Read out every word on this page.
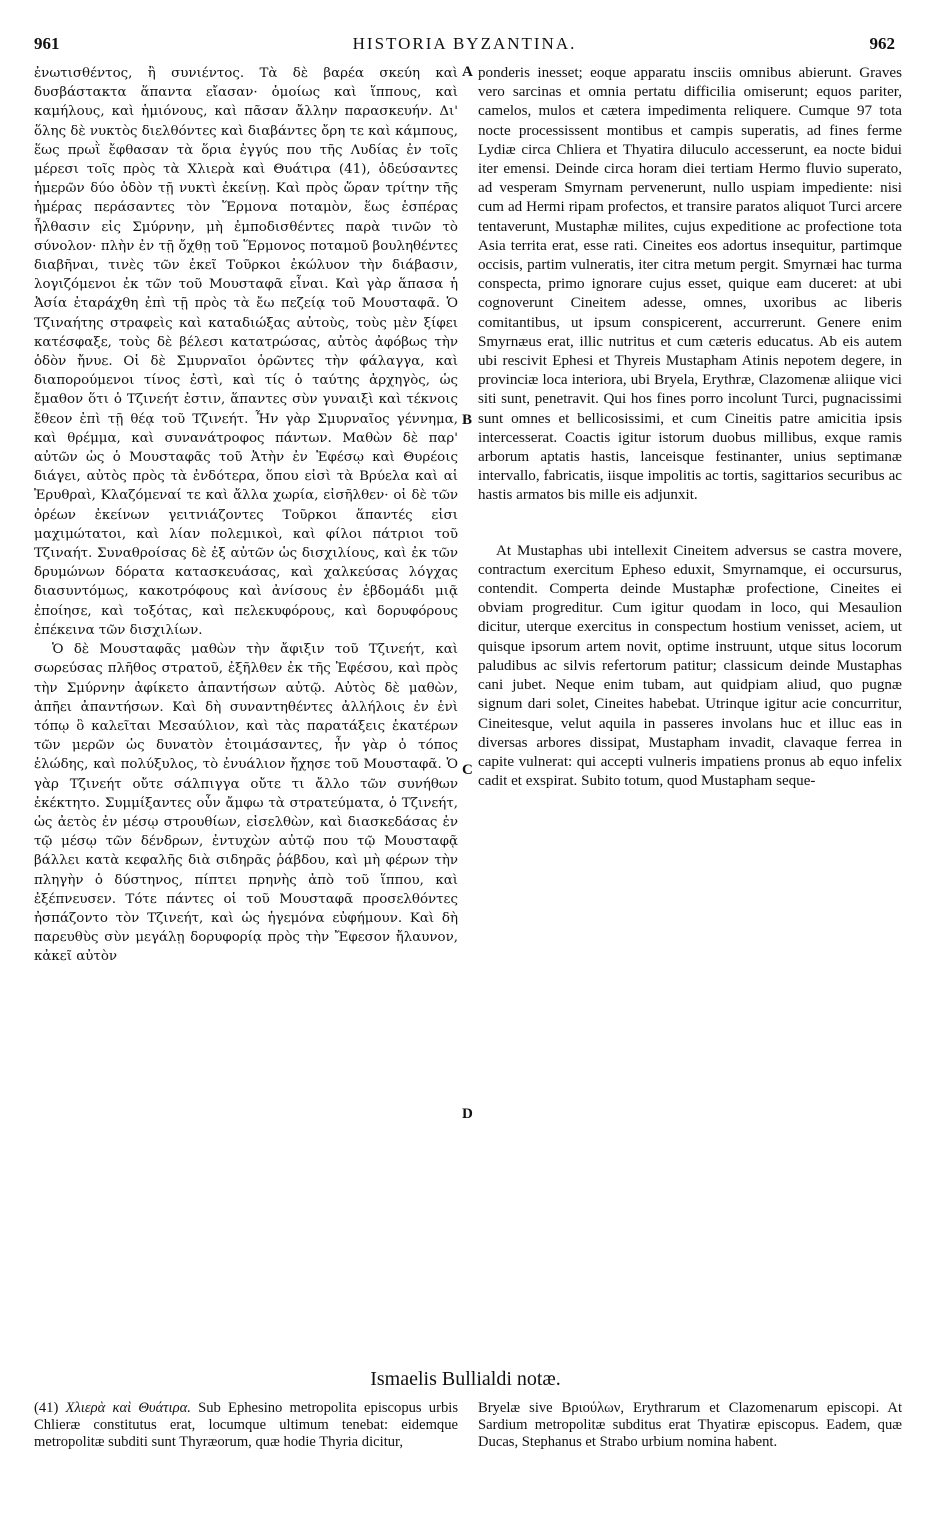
961	HISTORIA BYZANTINA.	962

ἐνωτισθέντος, ἢ συνιέντος. Τὰ δὲ βαρέα σκεύη καὶ δυσβάστακτα ἅπαντα εἴασαν· ὁμοίως καὶ ἵππους, καὶ καμήλους, καὶ ἡμιόνους, καὶ πᾶσαν ἄλλην παρασκευήν. Δι' ὅλης δὲ νυκτὸς διελθόντες καὶ διαβάντες ὄρη τε καὶ κάμπους, ἕως πρωῒ ἔφθασαν τὰ ὅρια ἐγγύς που τῆς Λυδίας ἐν τοῖς μέρεσι τοῖς πρὸς τὰ Χλιερὰ καὶ Θυάτιρα (41), ὁδεύσαντες ἡμερῶν δύο ὁδὸν τῇ νυκτὶ ἐκείνῃ. Καὶ πρὸς ὥραν τρίτην τῆς ἡμέρας περάσαντες τὸν Ἕρμονα ποταμὸν, ἕως ἑσπέρας ἦλθασιν εἰς Σμύρνην, μὴ ἐμποδισθέντες παρὰ τινῶν τὸ σύνολον· πλὴν ἐν τῇ ὄχθῃ τοῦ Ἕρμονος ποταμοῦ βουληθέντες διαβῆναι, τινὲς τῶν ἐκεῖ Τοῦρκοι ἐκώλυον τὴν διάβασιν, λογιζόμενοι ἐκ τῶν τοῦ Μουσταφᾶ εἶναι. Καὶ γὰρ ἅπασα ἡ Ἀσία ἐταράχθη ἐπὶ τῇ πρὸς τὰ ἔω πεζείᾳ τοῦ Μουσταφᾶ. Ὁ Τζιναήτης στραφεὶς καὶ καταδιώξας αὐτοὺς, τοὺς μὲν ξίφει κατέσφαξε, τοὺς δὲ βέλεσι κατατρώσας, αὐτὸς ἀφόβως τὴν ὁδὸν ἤνυε. Οἱ δὲ Σμυρναῖοι ὁρῶντες τὴν φάλαγγα, καὶ διαπορούμενοι τίνος ἐστὶ, καὶ τίς ὁ ταύτης ἀρχηγὸς, ὡς ἔμαθον ὅτι ὁ Τζινεήτ ἐστιν, ἅπαντες σὺν γυναιξὶ καὶ τέκνοις ἔθεον ἐπὶ τῇ θέᾳ τοῦ Τζινεήτ. Ἦν γὰρ Σμυρναῖος γέννημα, καὶ θρέμμα, καὶ συνανάτροφος πάντων. Μαθὼν δὲ παρ' αὐτῶν ὡς ὁ Μουσταφᾶς τοῦ Ἀτὴν ἐν Ἐφέσῳ καὶ Θυρέοις διάγει, αὐτὸς πρὸς τὰ ἐνδότερα, ὅπου εἰσὶ τὰ Βρύελα καὶ αἱ Ἐρυθραὶ, Κλαζόμεναί τε καὶ ἄλλα χωρία, εἰσῆλθεν· οἱ δὲ τῶν ὀρέων ἐκείνων γειτνιάζοντες Τοῦρκοι ἅπαντές εἰσι μαχιμώτατοι, καὶ λίαν πολεμικοὶ, καὶ φίλοι πάτριοι τοῦ Τζιναήτ. Συναθροίσας δὲ ἐξ αὐτῶν ὡς δισχιλίους, καὶ ἐκ τῶν δρυμώνων δόρατα κατασκευάσας, καὶ χαλκεύσας λόγχας διασυντόμως, κακοτρόφους καὶ ἀνίσους ἐν ἑβδομάδι μιᾷ ἐποίησε, καὶ τοξότας, καὶ πελεκυφόρους, καὶ δορυφόρους ἐπέκεινα τῶν δισχιλίων.

Ὁ δὲ Μουσταφᾶς μαθὼν τὴν ἄφιξιν τοῦ Τζινεήτ, καὶ σωρεύσας πλῆθος στρατοῦ, ἐξῆλθεν ἐκ τῆς Ἐφέσου, καὶ πρὸς τὴν Σμύρνην ἀφίκετο ἀπαντήσων αὐτῷ. Αὐτὸς δὲ μαθὼν, ἀπῆει ἀπαντήσων. Καὶ δὴ συναντηθέντες ἀλλήλοις ἐν ἑνὶ τόπῳ ὃ καλεῖται Μεσαύλιον, καὶ τὰς παρατάξεις ἑκατέρων τῶν μερῶν ὡς δυνατὸν ἑτοιμάσαντες, ἦν γὰρ ὁ τόπος ἑλώδης, καὶ πολύξυλος, τὸ ἐνυάλιον ἤχησε τοῦ Μουσταφᾶ. Ὁ γὰρ Τζινεήτ οὔτε σάλπιγγα οὔτε τι ἄλλο τῶν συνήθων ἐκέκτητο. Συμμίξαντες οὖν ἄμφω τὰ στρατεύματα, ὁ Τζινεήτ, ὡς ἀετὸς ἐν μέσῳ στρουθίων, εἰσελθὼν, καὶ διασκεδάσας ἐν τῷ μέσῳ τῶν δένδρων, ἐντυχὼν αὐτῷ που τῷ Μουσταφᾷ βάλλει κατὰ κεφαλῆς διὰ σιδηρᾶς ῥάβδου, καὶ μὴ φέρων τὴν πληγὴν ὁ δύστηνος, πίπτει πρηνὴς ἀπὸ τοῦ ἵππου, καὶ ἐξέπνευσεν. Τότε πάντες οἱ τοῦ Μουσταφᾶ προσελθόντες ἠσπάζοντο τὸν Τζινεήτ, καὶ ὡς ἡγεμόνα εὐφήμουν. Καὶ δὴ παρευθὺς σὺν μεγάλῃ δορυφορίᾳ πρὸς τὴν Ἔφεσον ἤλαυνον, κἀκεῖ αὐτὸν

A
B
C
D

ponderis inesset; eoque apparatu insciis omnibus abierunt. Graves vero sarcinas et omnia pertatu difficilia omiserunt; equos pariter, camelos, mulos et cætera impedimenta reliquere. Cumque 97 tota nocte processissent montibus et campis superatis, ad fines ferme Lydiæ circa Chliera et Thyatira diluculo accesserunt, ea nocte bidui iter emensi. Deinde circa horam diei tertiam Hermo fluvio superato, ad vesperam Smyrnam pervenerunt, nullo uspiam impediente: nisi cum ad Hermi ripam profectos, et transire paratos aliquot Turci arcere tentaverunt, Mustaphæ milites, cujus expeditione ac profectione tota Asia territa erat, esse rati. Cineites eos adortus insequitur, partimque occisis, partim vulneratis, iter citra metum pergit. Smyrnæi hac turma conspecta, primo ignorare cujus esset, quique eam duceret: at ubi cognoverunt Cineitem adesse, omnes, uxoribus ac liberis comitantibus, ut ipsum conspicerent, accurrerunt. Genere enim Smyrnæus erat, illic nutritus et cum cæteris educatus. Ab eis autem ubi rescivit Ephesi et Thyreis Mustapham Atinis nepotem degere, in provinciæ loca interiora, ubi Bryela, Erythræ, Clazomenæ aliique vici siti sunt, penetravit. Qui hos fines porro incolunt Turci, pugnacissimi sunt omnes et bellicosissimi, et cum Cineitis patre amicitia ipsis intercesserat. Coactis igitur istorum duobus millibus, exque ramis arborum aptatis hastis, lanceisque festinanter, unius septimanæ intervallo, fabricatis, iisque impolitis ac tortis, sagittarios securibus ac hastis armatos bis mille eis adjunxit.

At Mustaphas ubi intellexit Cineitem adversus se castra movere, contractum exercitum Epheso eduxit, Smyrnamque, ei occursurus, contendit. Comperta deinde Mustaphæ profectione, Cineites ei obviam progreditur. Cum igitur quodam in loco, qui Mesaulion dicitur, uterque exercitus in conspectum hostium venisset, aciem, ut quisque ipsorum artem novit, optime instruunt, utque situs locorum paludibus ac silvis refertorum patitur; classicum deinde Mustaphas cani jubet. Neque enim tubam, aut quidpiam aliud, quo pugnæ signum dari solet, Cineites habebat. Utrinque igitur acie concurritur, Cineitesque, velut aquila in passeres involans huc et illuc eas in diversas arbores dissipat, Mustapham invadit, clavaque ferrea in capite vulnerat: qui accepti vulneris impatiens pronus ab equo infelix cadit et exspirat. Subito totum, quod Mustapham seque-

Ismaelis Bullialdi notæ.
(41) Χλιερὰ καὶ Θυάτιρα. Sub Ephesino metropolita episcopus urbis Chlieræ constitutus erat, locumque ultimum tenebat: eidemque metropolitæ subditi sunt Thyræorum, quæ hodie Thyria dicitur,
Bryelæ sive Βριούλων, Erythrarum et Clazomenarum episcopi. At Sardium metropolitæ subditus erat Thyatiræ episcopus. Eadem, quæ Ducas, Stephanus et Strabo urbium nomina habent.
